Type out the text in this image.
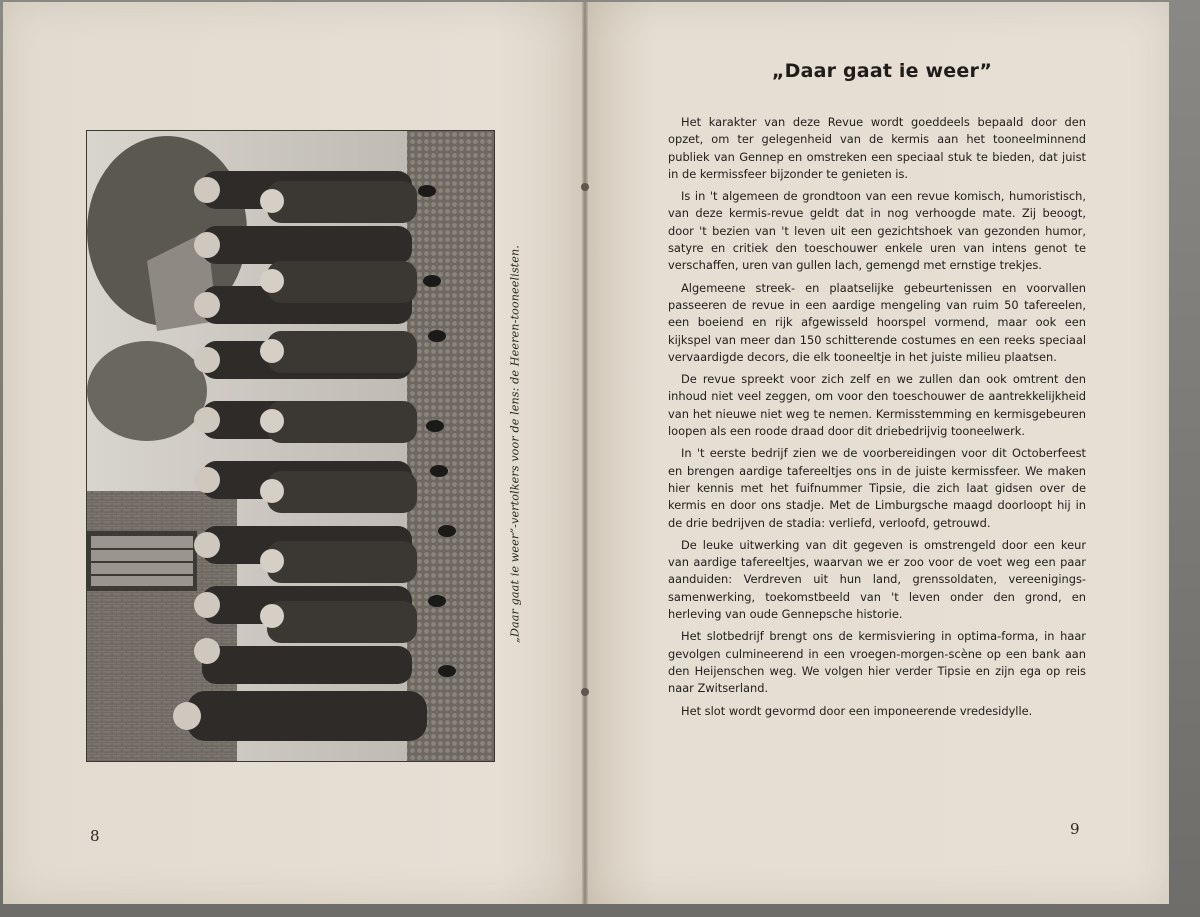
„Daar gaat ie weer”-vertolkers voor de lens: de Heeren-tooneelisten.
8
„Daar gaat ie weer”

Het karakter van deze Revue wordt goeddeels bepaald door den opzet, om ter gelegenheid van de kermis aan het tooneelminnend publiek van Gennep en omstreken een speciaal stuk te bieden, dat juist in de kermissfeer bijzonder te genieten is.

Is in 't algemeen de grondtoon van een revue komisch, humoristisch, van deze kermis-revue geldt dat in nog verhoogde mate. Zij beoogt, door 't bezien van 't leven uit een gezichtshoek van gezonden humor, satyre en critiek den toeschouwer enkele uren van intens genot te verschaffen, uren van gullen lach, gemengd met ernstige trekjes.

Algemeene streek- en plaatselijke gebeurtenissen en voorvallen passeeren de revue in een aardige mengeling van ruim 50 tafereelen, een boeiend en rijk afgewisseld hoorspel vormend, maar ook een kijkspel van meer dan 150 schitterende costumes en een reeks speciaal vervaardigde decors, die elk tooneeltje in het juiste milieu plaatsen.

De revue spreekt voor zich zelf en we zullen dan ook omtrent den inhoud niet veel zeggen, om voor den toeschouwer de aantrekkelijkheid van het nieuwe niet weg te nemen. Kermisstemming en kermisgebeuren loopen als een roode draad door dit driebedrijvig tooneelwerk.

In 't eerste bedrijf zien we de voorbereidingen voor dit Octoberfeest en brengen aardige tafereeltjes ons in de juiste kermissfeer. We maken hier kennis met het fuifnummer Tipsie, die zich laat gidsen over de kermis en door ons stadje. Met de Limburgsche maagd doorloopt hij in de drie bedrijven de stadia: verliefd, verloofd, getrouwd.

De leuke uitwerking van dit gegeven is omstrengeld door een keur van aardige tafereeltjes, waarvan we er zoo voor de voet weg een paar aanduiden: Verdreven uit hun land, grenssoldaten, vereenigings-samenwerking, toekomstbeeld van 't leven onder den grond, en herleving van oude Gennepsche historie.

Het slotbedrijf brengt ons de kermisviering in optima-forma, in haar gevolgen culmineerend in een vroegen-morgen-scène op een bank aan den Heijenschen weg. We volgen hier verder Tipsie en zijn ega op reis naar Zwitserland.

Het slot wordt gevormd door een imponeerende vredesidylle.

9
